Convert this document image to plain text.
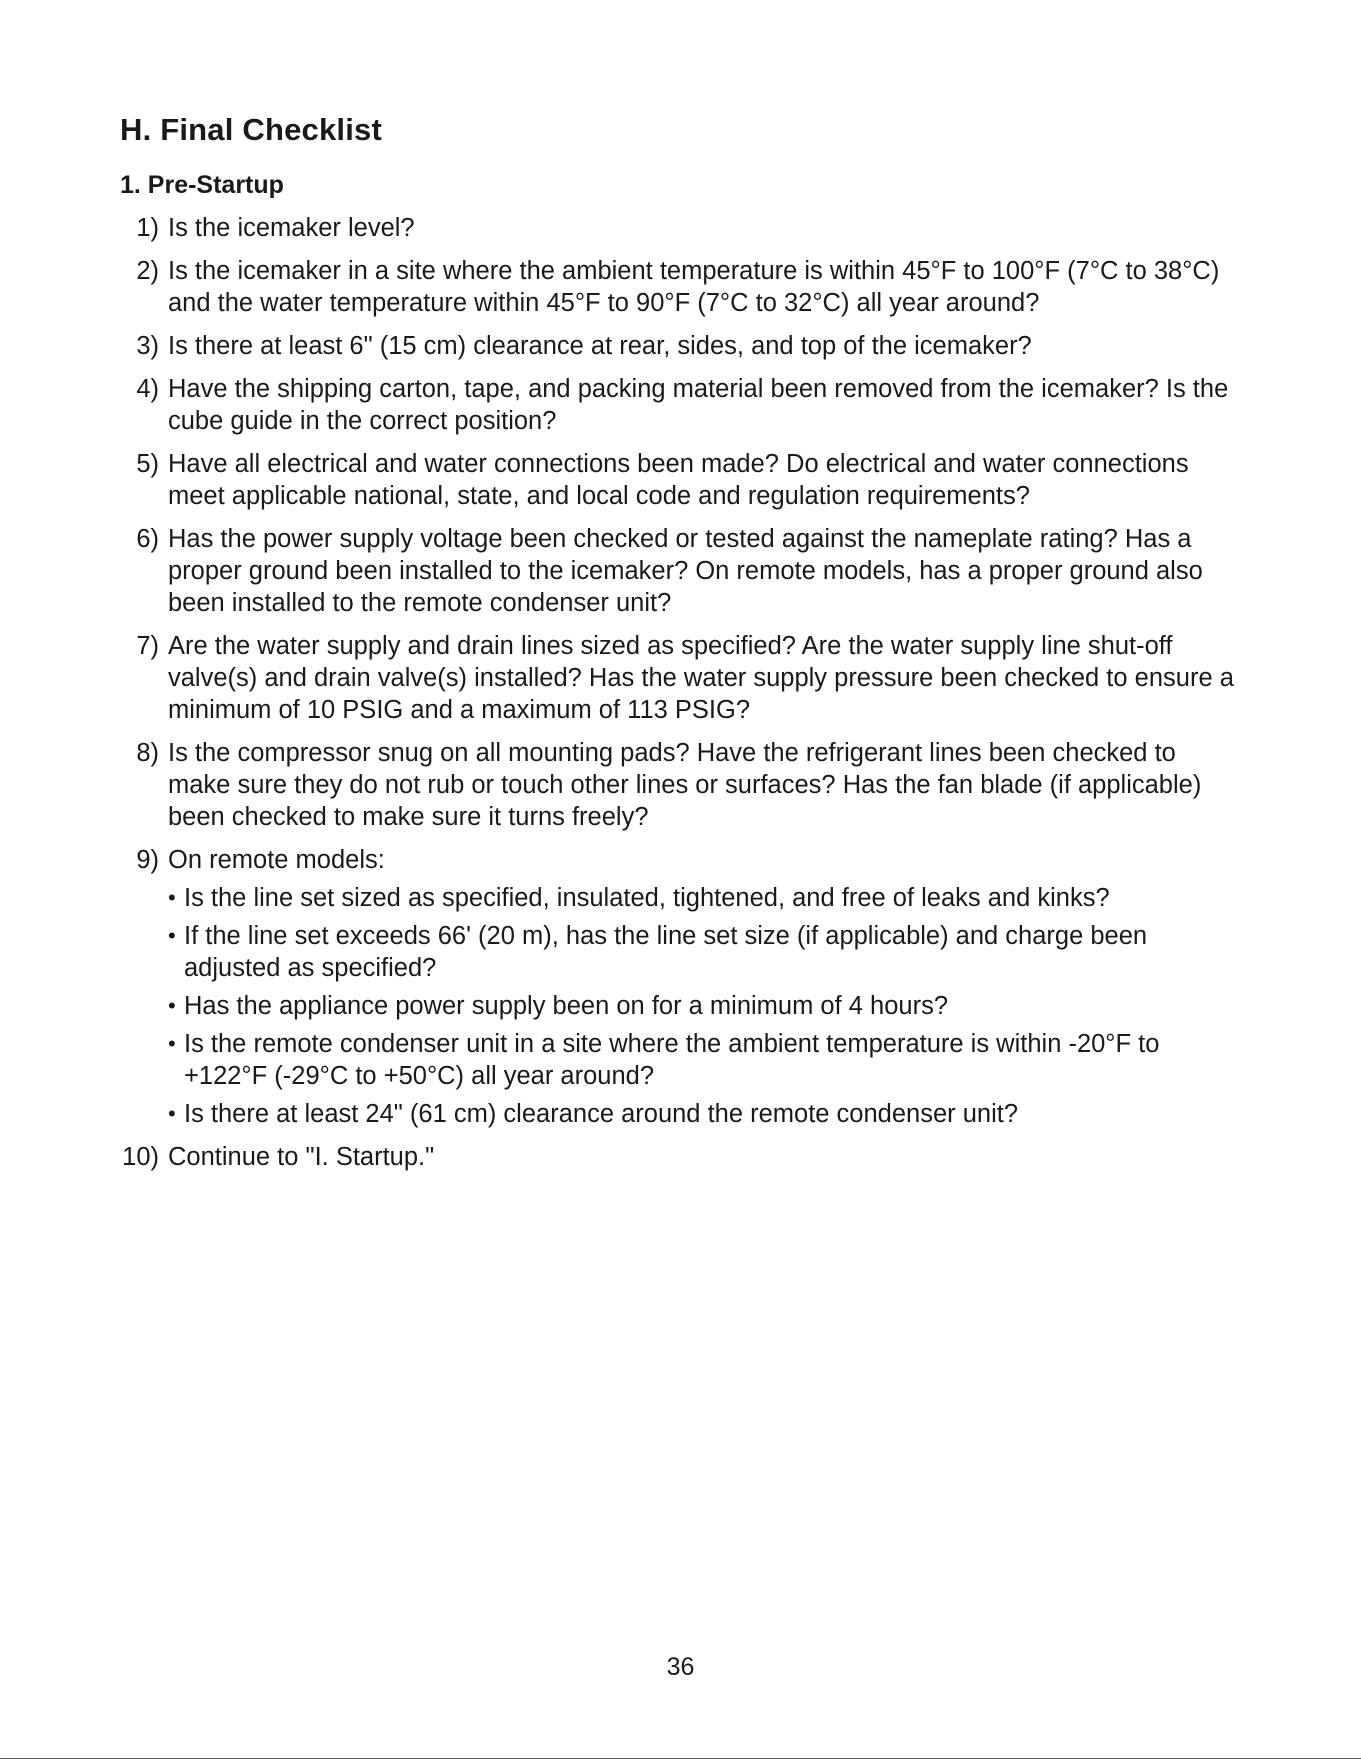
H. Final Checklist
1. Pre-Startup
1) Is the icemaker level?
2) Is the icemaker in a site where the ambient temperature is within 45°F to 100°F (7°C to 38°C) and the water temperature within 45°F to 90°F (7°C to 32°C) all year around?
3) Is there at least 6" (15 cm) clearance at rear, sides, and top of the icemaker?
4) Have the shipping carton, tape, and packing material been removed from the icemaker? Is the cube guide in the correct position?
5) Have all electrical and water connections been made? Do electrical and water connections meet applicable national, state, and local code and regulation requirements?
6) Has the power supply voltage been checked or tested against the nameplate rating? Has a proper ground been installed to the icemaker? On remote models, has a proper ground also been installed to the remote condenser unit?
7) Are the water supply and drain lines sized as specified? Are the water supply line shut-off valve(s) and drain valve(s) installed? Has the water supply pressure been checked to ensure a minimum of 10 PSIG and a maximum of 113 PSIG?
8) Is the compressor snug on all mounting pads? Have the refrigerant lines been checked to make sure they do not rub or touch other lines or surfaces? Has the fan blade (if applicable) been checked to make sure it turns freely?
9) On remote models:
• Is the line set sized as specified, insulated, tightened, and free of leaks and kinks?
• If the line set exceeds 66' (20 m), has the line set size (if applicable) and charge been adjusted as specified?
• Has the appliance power supply been on for a minimum of 4 hours?
• Is the remote condenser unit in a site where the ambient temperature is within -20°F to +122°F (-29°C to +50°C) all year around?
• Is there at least 24" (61 cm) clearance around the remote condenser unit?
10) Continue to "I. Startup."
36
